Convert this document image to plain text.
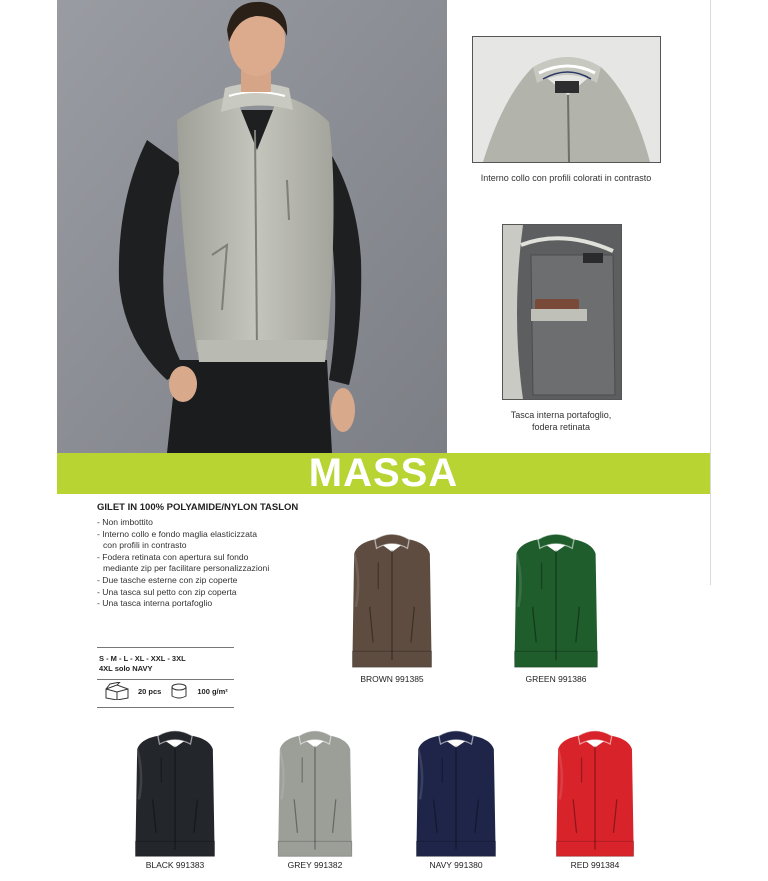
Interno collo con profili colorati in contrasto
Tasca interna portafoglio,
fodera retinata
MASSA
GILET IN 100% POLYAMIDE/NYLON TASLON
- Non imbottito
- Interno collo e fondo maglia elasticizzata
con profili in contrasto
- Fodera retinata con apertura sul fondo
mediante zip per facilitare personalizzazioni
- Due tasche esterne con zip coperte
- Una tasca sul petto con zip coperta
- Una tasca interna portafoglio
S - M - L - XL - XXL - 3XL
4XL solo NAVY
20 pcs	100 g/m²
BROWN 991385	GREEN 991386
BLACK 991383	GREY 991382	NAVY 991380	RED 991384
